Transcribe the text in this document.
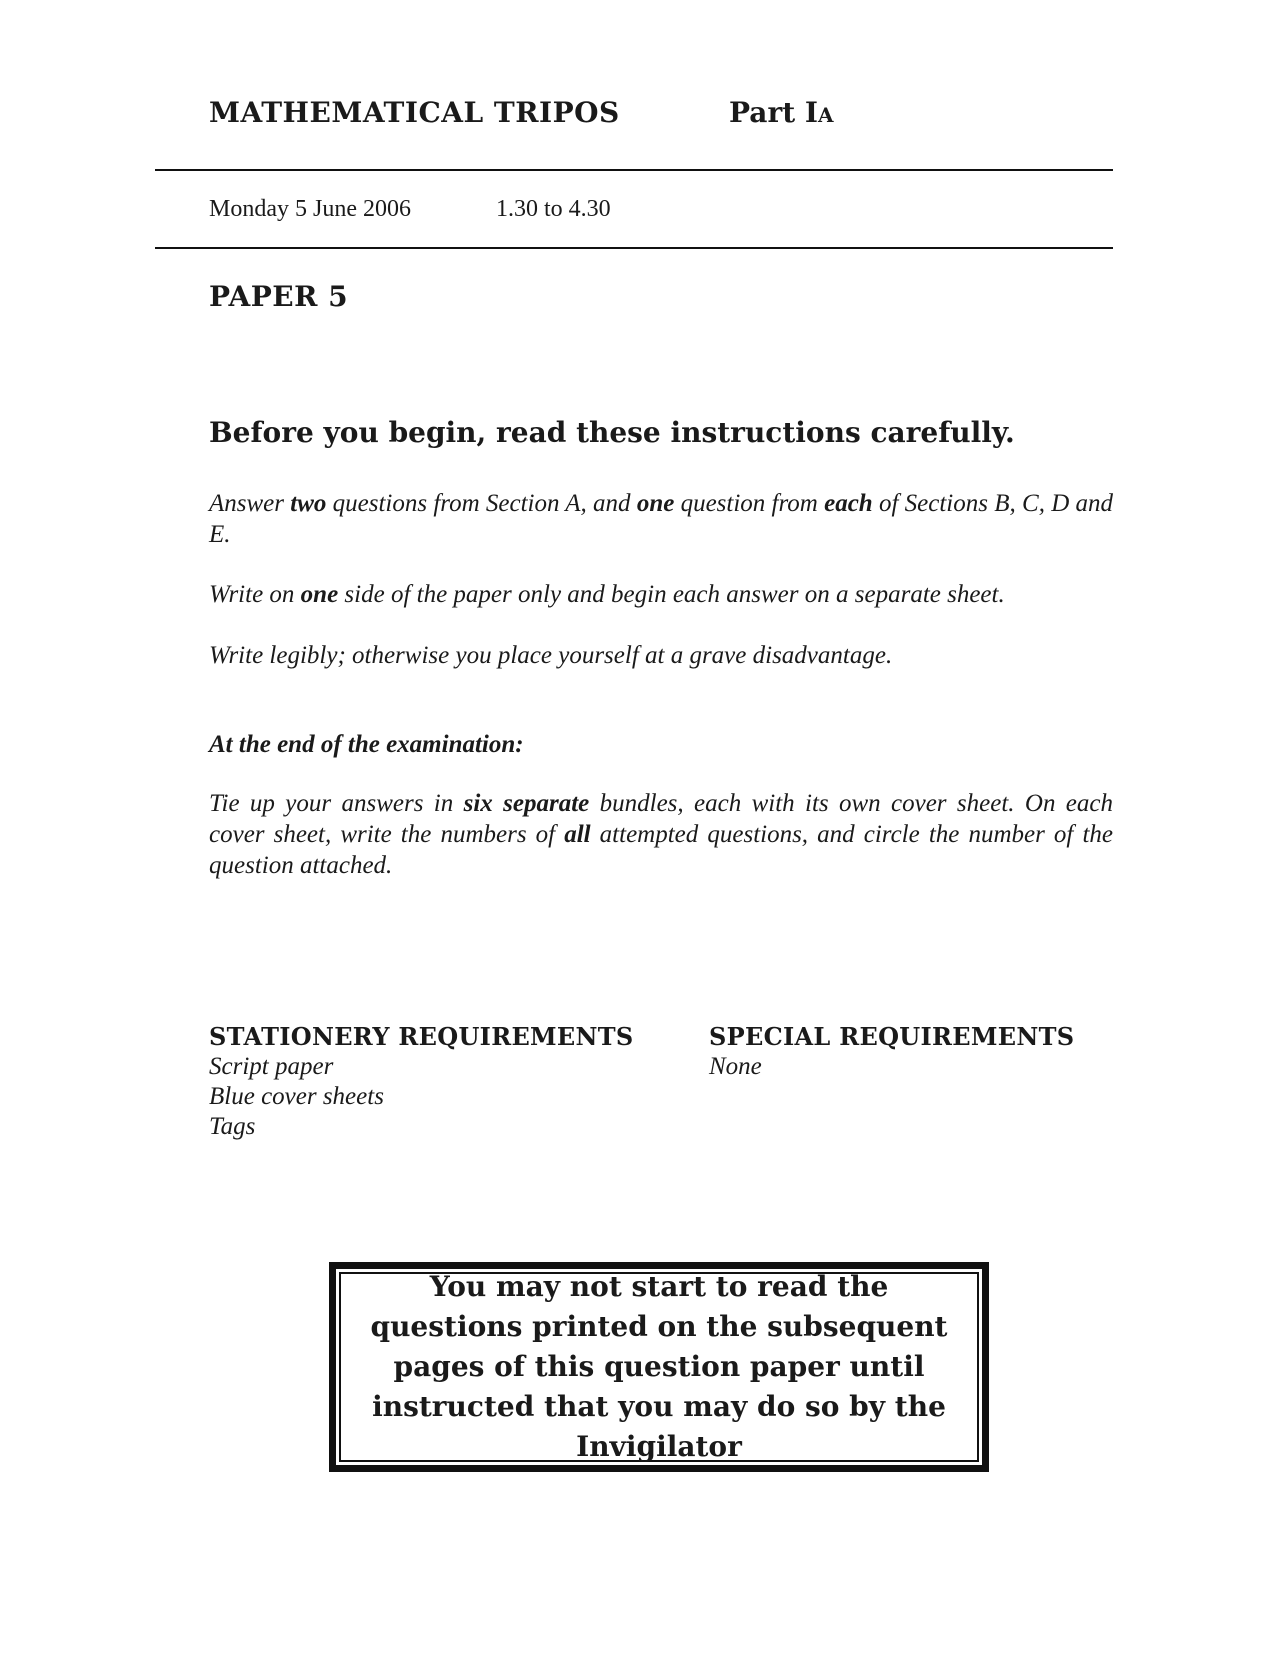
MATHEMATICAL TRIPOS	Part IA
Monday 5 June 2006	1.30 to 4.30
PAPER 5
Before you begin, read these instructions carefully.
Answer two questions from Section A, and one question from each of Sections B, C, D and E.
Write on one side of the paper only and begin each answer on a separate sheet.
Write legibly; otherwise you place yourself at a grave disadvantage.
At the end of the examination:
Tie up your answers in six separate bundles, each with its own cover sheet. On each cover sheet, write the numbers of all attempted questions, and circle the number of the question attached.
STATIONERY REQUIREMENTS
Script paper
Blue cover sheets
Tags
SPECIAL REQUIREMENTS
None
You may not start to read the questions printed on the subsequent pages of this question paper until instructed that you may do so by the Invigilator
